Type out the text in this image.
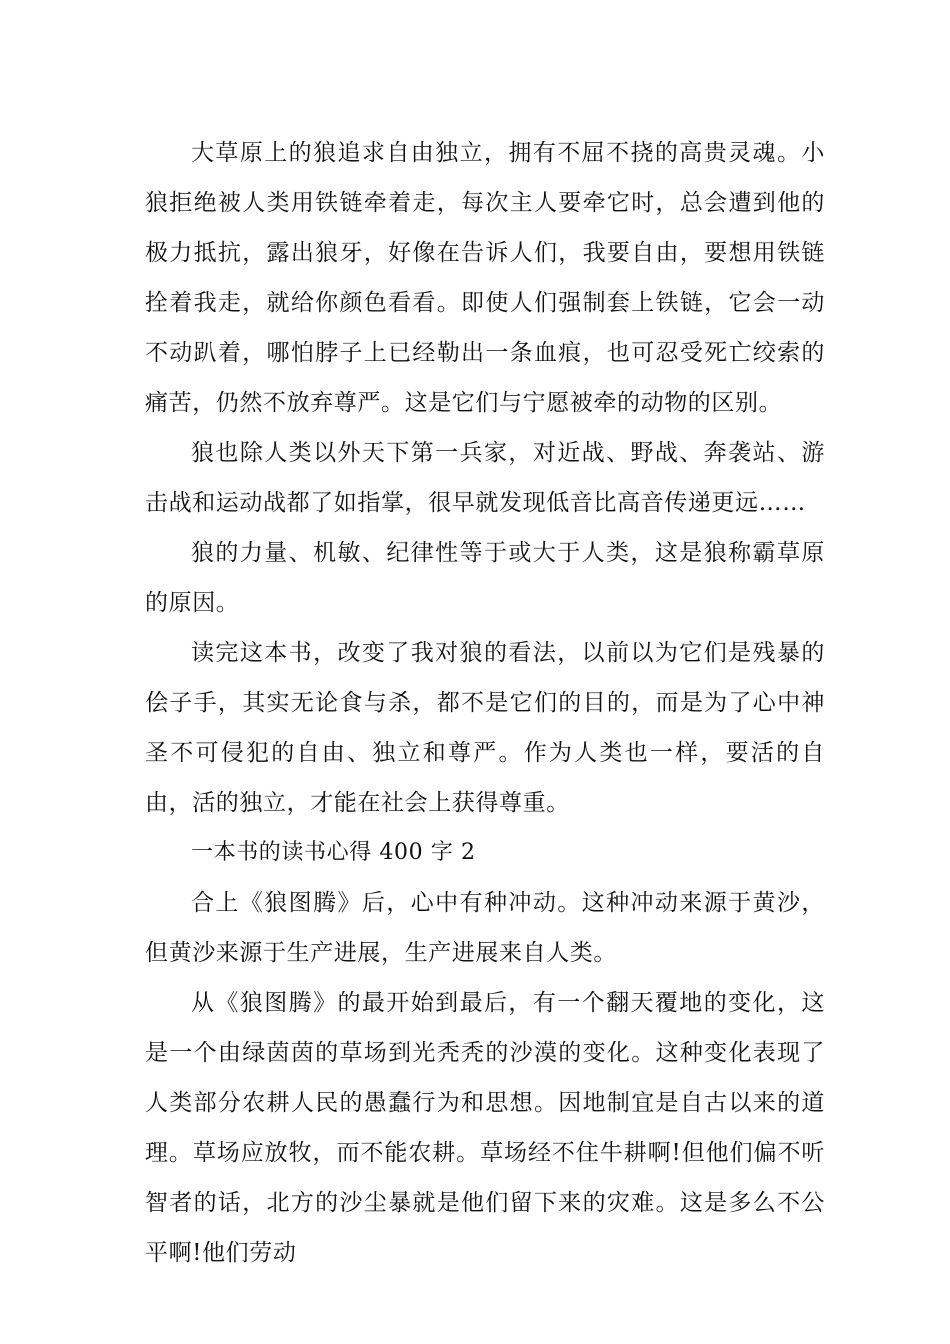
大草原上的狼追求自由独立，拥有不屈不挠的高贵灵魂。小狼拒绝被人类用铁链牵着走，每次主人要牵它时，总会遭到他的极力抵抗，露出狼牙，好像在告诉人们，我要自由，要想用铁链拴着我走，就给你颜色看看。即使人们强制套上铁链，它会一动不动趴着，哪怕脖子上已经勒出一条血痕，也可忍受死亡绞索的痛苦，仍然不放弃尊严。这是它们与宁愿被牵的动物的区别。

狼也除人类以外天下第一兵家，对近战、野战、奔袭站、游击战和运动战都了如指掌，很早就发现低音比高音传递更远……

狼的力量、机敏、纪律性等于或大于人类，这是狼称霸草原的原因。

读完这本书，改变了我对狼的看法，以前以为它们是残暴的侩子手，其实无论食与杀，都不是它们的目的，而是为了心中神圣不可侵犯的自由、独立和尊严。作为人类也一样，要活的自由，活的独立，才能在社会上获得尊重。

一本书的读书心得 400 字 2

合上《狼图腾》后，心中有种冲动。这种冲动来源于黄沙，但黄沙来源于生产进展，生产进展来自人类。

从《狼图腾》的最开始到最后，有一个翻天覆地的变化，这是一个由绿茵茵的草场到光秃秃的沙漠的变化。这种变化表现了人类部分农耕人民的愚蠢行为和思想。因地制宜是自古以来的道理。草场应放牧，而不能农耕。草场经不住牛耕啊!但他们偏不听智者的话，北方的沙尘暴就是他们留下来的灾难。这是多么不公平啊!他们劳动
